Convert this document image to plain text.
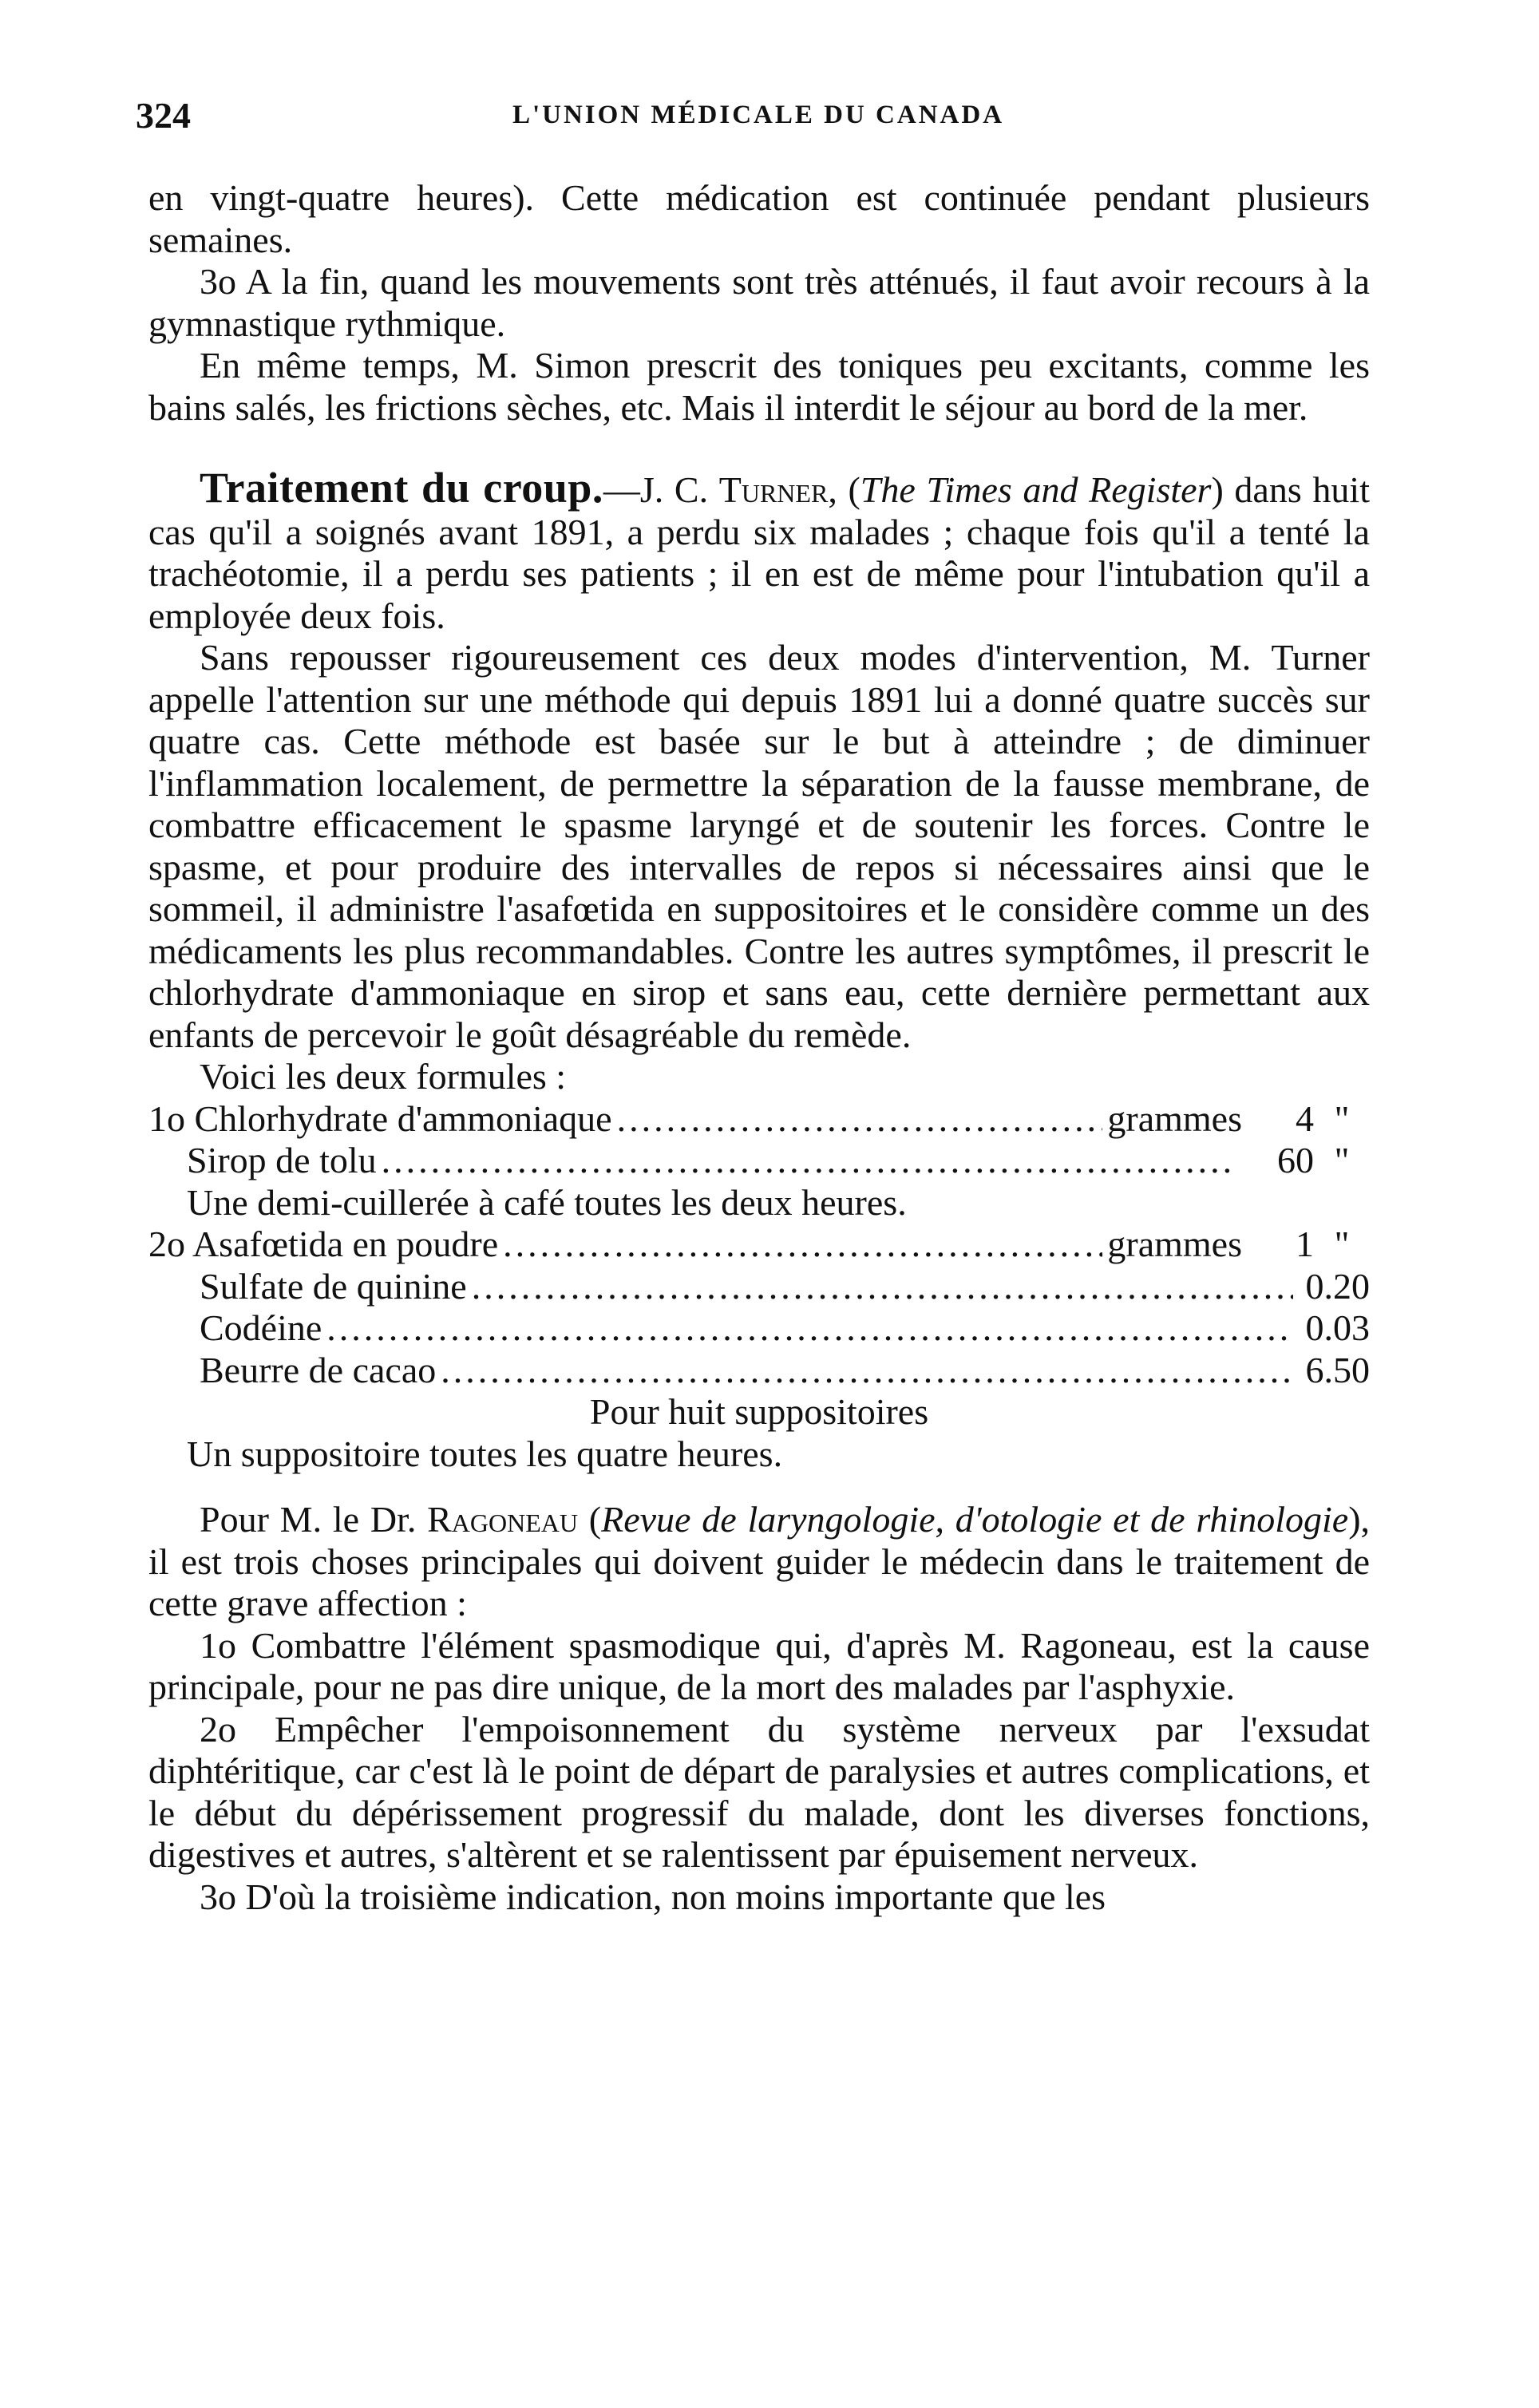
324	L'UNION MÉDICALE DU CANADA

en vingt-quatre heures). Cette médication est continuée pendant plusieurs semaines.

3o A la fin, quand les mouvements sont très atténués, il faut avoir recours à la gymnastique rythmique.

En même temps, M. Simon prescrit des toniques peu excitants, comme les bains salés, les frictions sèches, etc. Mais il interdit le séjour au bord de la mer.

Traitement du croup.—J. C. Turner, (The Times and Register) dans huit cas qu'il a soignés avant 1891, a perdu six malades ; chaque fois qu'il a tenté la trachéotomie, il a perdu ses patients ; il en est de même pour l'intubation qu'il a employée deux fois.

Sans repousser rigoureusement ces deux modes d'intervention, M. Turner appelle l'attention sur une méthode qui depuis 1891 lui a donné quatre succès sur quatre cas. Cette méthode est basée sur le but à atteindre ; de diminuer l'inflammation localement, de permettre la séparation de la fausse membrane, de combattre efficacement le spasme laryngé et de soutenir les forces. Contre le spasme, et pour produire des intervalles de repos si nécessaires ainsi que le sommeil, il administre l'asafœtida en suppositoires et le considère comme un des médicaments les plus recommandables. Contre les autres symptômes, il prescrit le chlorhydrate d'ammoniaque en sirop et sans eau, cette dernière permettant aux enfants de percevoir le goût désagréable du remède.

Voici les deux formules :

1o Chlorhydrate d'ammoniaque .....	grammes	4 "
Sirop de tolu .....	60 "

Une demi-cuillerée à café toutes les deux heures.

2o Asafœtida en poudre .....	grammes	1 "
Sulfate de quinine .....	0.20
Codéine .....	0.03
Beurre de cacao .....	6.50

Pour huit suppositoires

Un suppositoire toutes les quatre heures.

Pour M. le Dr. Ragoneau (Revue de laryngologie, d'otologie et de rhinologie), il est trois choses principales qui doivent guider le médecin dans le traitement de cette grave affection :

1o Combattre l'élément spasmodique qui, d'après M. Ragoneau, est la cause principale, pour ne pas dire unique, de la mort des malades par l'asphyxie.

2o Empêcher l'empoisonnement du système nerveux par l'exsudat diphtéritique, car c'est là le point de départ de paralysies et autres complications, et le début du dépérissement progressif du malade, dont les diverses fonctions, digestives et autres, s'altèrent et se ralentissent par épuisement nerveux.

3o D'où la troisième indication, non moins importante que les
